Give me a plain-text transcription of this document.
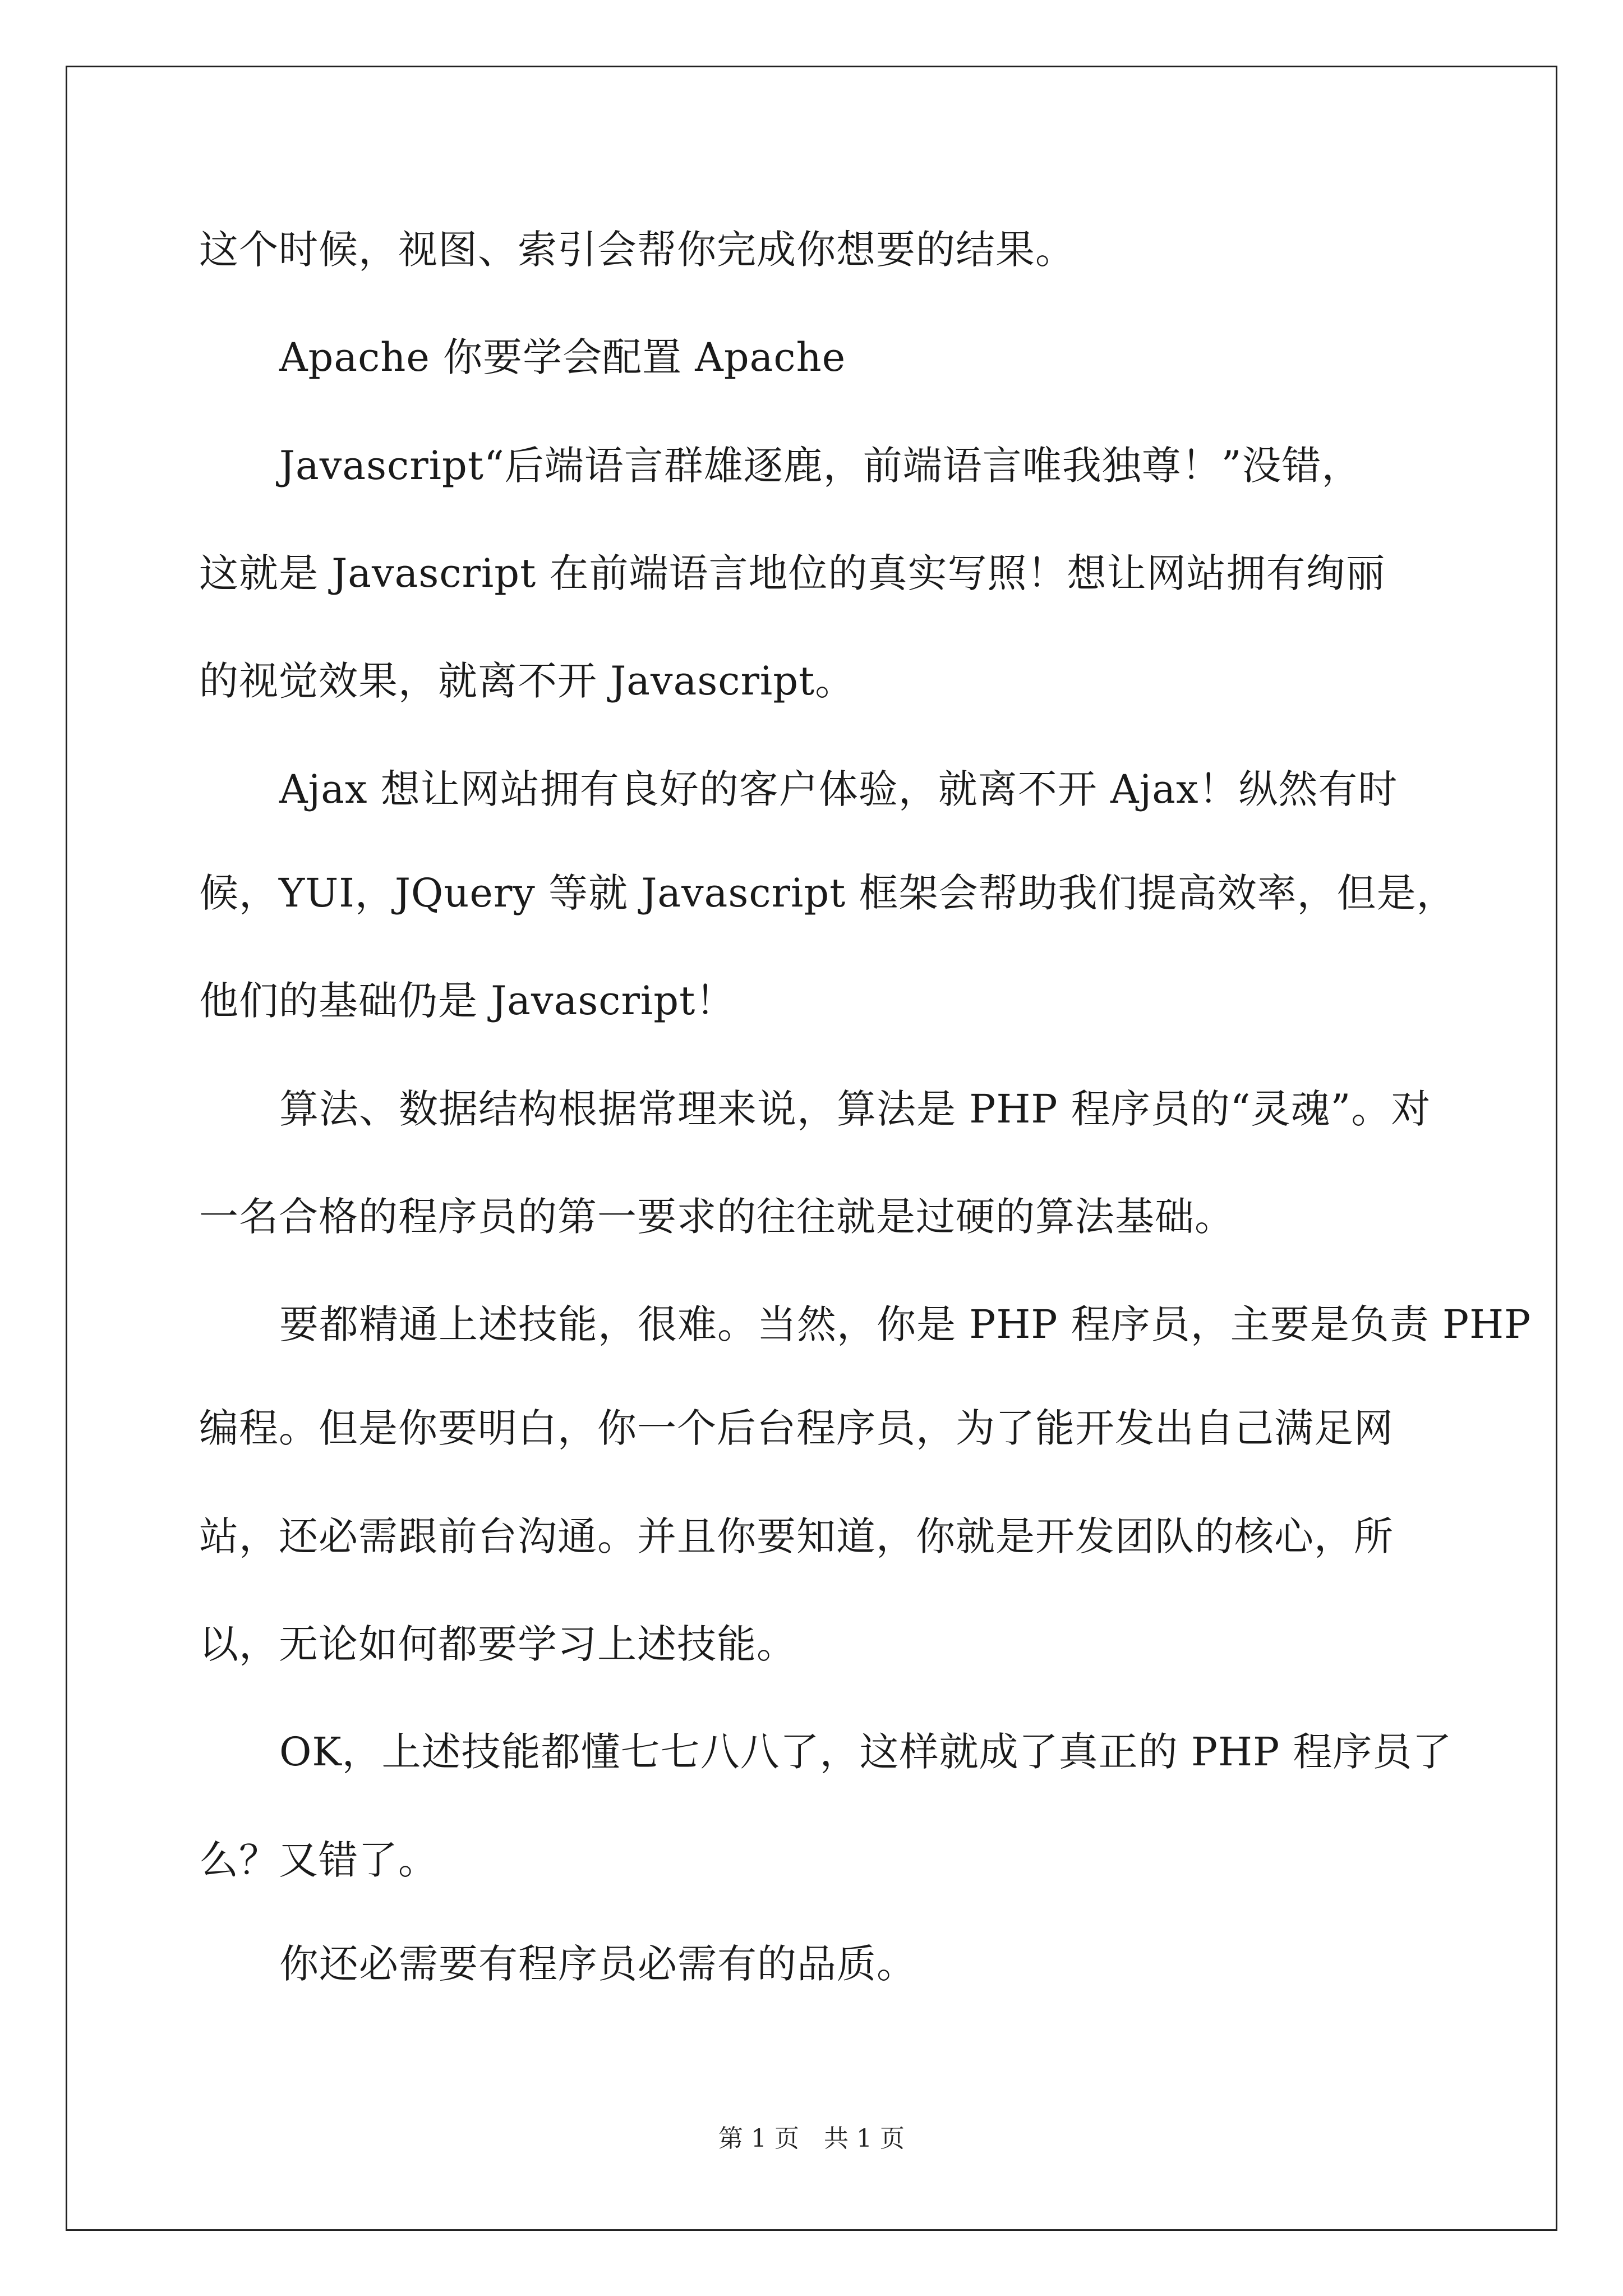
这个时候，视图、索引会帮你完成你想要的结果。
Apache 你要学会配置 Apache
Javascript“后端语言群雄逐鹿，前端语言唯我独尊！”没错，
这就是 Javascript 在前端语言地位的真实写照！想让网站拥有绚丽
的视觉效果，就离不开 Javascript。
Ajax 想让网站拥有良好的客户体验，就离不开 Ajax！纵然有时
候，YUI，JQuery 等就 Javascript 框架会帮助我们提高效率，但是，
他们的基础仍是 Javascript！
算法、数据结构根据常理来说，算法是 PHP 程序员的“灵魂”。对
一名合格的程序员的第一要求的往往就是过硬的算法基础。
要都精通上述技能，很难。当然，你是 PHP 程序员，主要是负责 PHP
编程。但是你要明白，你一个后台程序员，为了能开发出自己满足网
站，还必需跟前台沟通。并且你要知道，你就是开发团队的核心，所
以，无论如何都要学习上述技能。
OK，上述技能都懂七七八八了，这样就成了真正的 PHP 程序员了
么？又错了。
你还必需要有程序员必需有的品质。
第 1 页　共 1 页
